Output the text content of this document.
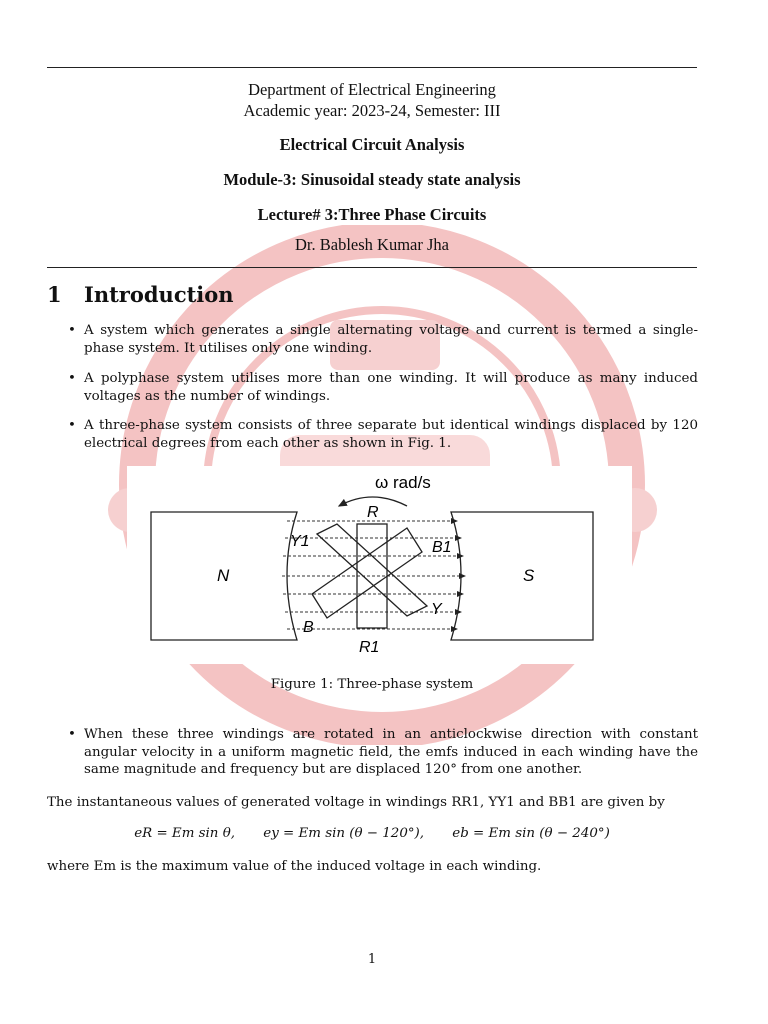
Department of Electrical Engineering
Academic year: 2023-24, Semester: III
Electrical Circuit Analysis
Module-3: Sinusoidal steady state analysis
Lecture# 3:Three Phase Circuits
Dr. Bablesh Kumar Jha
1 Introduction
• A system which generates a single alternating voltage and current is termed a single-phase system. It utilises only one winding.
• A polyphase system utilises more than one winding. It will produce as many induced voltages as the number of windings.
• A three-phase system consists of three separate but identical windings displaced by 120 electrical degrees from each other as shown in Fig. 1.
ω rad/s
N	S
R
R1
Y1
Y
B
B1
Figure 1: Three-phase system
• When these three windings are rotated in an anticlockwise direction with constant angular velocity in a uniform magnetic field, the emfs induced in each winding have the same magnitude and frequency but are displaced 120° from one another.
The instantaneous values of generated voltage in windings RR1, YY1 and BB1 are given by
eR = Em sin θ, ey = Em sin (θ − 120°), eb = Em sin (θ − 240°)
where Em is the maximum value of the induced voltage in each winding.
1
